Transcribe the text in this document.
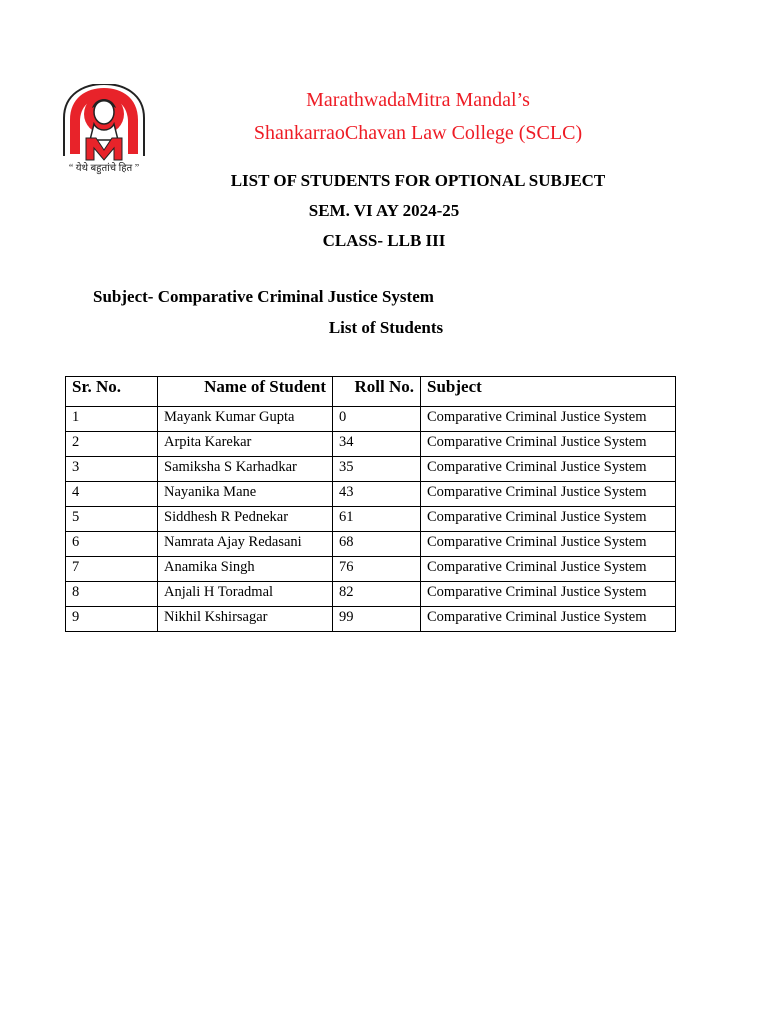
“ येथे बहुतांचे हित ”
MarathwadaMitra Mandal’s
ShankarraoChavan Law College (SCLC)
LIST OF STUDENTS FOR OPTIONAL SUBJECT
SEM. VI AY 2024-25
CLASS- LLB III
Subject- Comparative Criminal Justice System
List of Students
Sr. No.	Name of Student	Roll No.	Subject
1	Mayank Kumar Gupta	0	Comparative Criminal Justice System
2	Arpita Karekar	34	Comparative Criminal Justice System
3	Samiksha S Karhadkar	35	Comparative Criminal Justice System
4	Nayanika Mane	43	Comparative Criminal Justice System
5	Siddhesh R Pednekar	61	Comparative Criminal Justice System
6	Namrata Ajay Redasani	68	Comparative Criminal Justice System
7	Anamika Singh	76	Comparative Criminal Justice System
8	Anjali H Toradmal	82	Comparative Criminal Justice System
9	Nikhil Kshirsagar	99	Comparative Criminal Justice System
